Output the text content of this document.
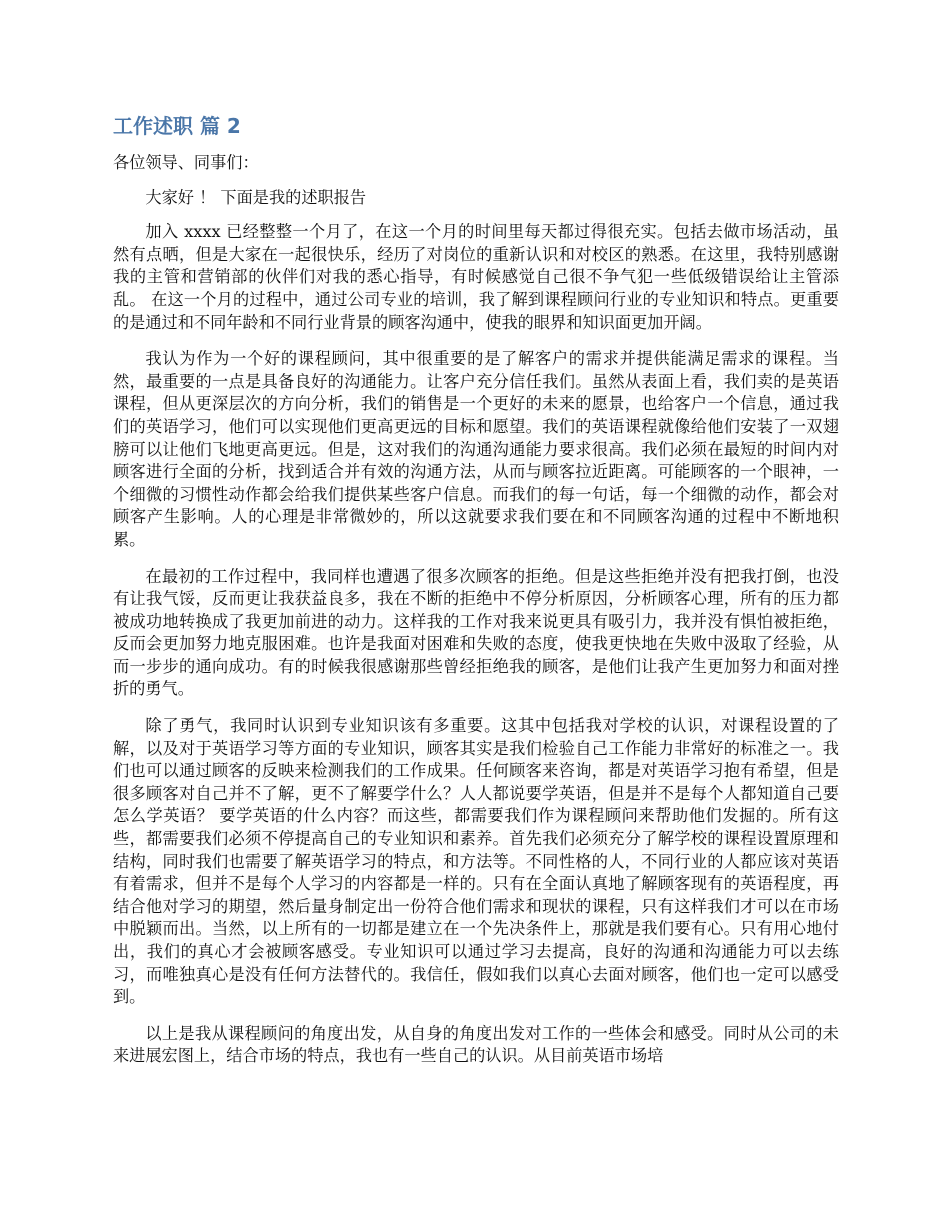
工作述职 篇 2

各位领导、同事们：

大家好 ！ 下面是我的述职报告

加入 xxxx 已经整整一个月了，在这一个月的时间里每天都过得很充实。包括去做市场活动，虽然有点晒，但是大家在一起很快乐，经历了对岗位的重新认识和对校区的熟悉。在这里，我特别感谢我的主管和营销部的伙伴们对我的悉心指导，有时候感觉自己很不争气犯一些低级错误给让主管添乱。 在这一个月的过程中，通过公司专业的培训，我了解到课程顾问行业的专业知识和特点。更重要的是通过和不同年龄和不同行业背景的顾客沟通中，使我的眼界和知识面更加开阔。

我认为作为一个好的课程顾问，其中很重要的是了解客户的需求并提供能满足需求的课程。当然，最重要的一点是具备良好的沟通能力。让客户充分信任我们。虽然从表面上看，我们卖的是英语课程，但从更深层次的方向分析，我们的销售是一个更好的未来的愿景，也给客户一个信息，通过我们的英语学习，他们可以实现他们更高更远的目标和愿望。我们的英语课程就像给他们安装了一双翅膀可以让他们飞地更高更远。但是，这对我们的沟通沟通能力要求很高。我们必须在最短的时间内对顾客进行全面的分析，找到适合并有效的沟通方法，从而与顾客拉近距离。可能顾客的一个眼神，一个细微的习惯性动作都会给我们提供某些客户信息。而我们的每一句话，每一个细微的动作，都会对顾客产生影响。人的心理是非常微妙的，所以这就要求我们要在和不同顾客沟通的过程中不断地积累。

在最初的工作过程中，我同样也遭遇了很多次顾客的拒绝。但是这些拒绝并没有把我打倒，也没有让我气馁，反而更让我获益良多，我在不断的拒绝中不停分析原因，分析顾客心理，所有的压力都被成功地转换成了我更加前进的动力。这样我的工作对我来说更具有吸引力，我并没有惧怕被拒绝，反而会更加努力地克服困难。也许是我面对困难和失败的态度，使我更快地在失败中汲取了经验，从而一步步的通向成功。有的时候我很感谢那些曾经拒绝我的顾客，是他们让我产生更加努力和面对挫折的勇气。

除了勇气，我同时认识到专业知识该有多重要。这其中包括我对学校的认识，对课程设置的了解，以及对于英语学习等方面的专业知识，顾客其实是我们检验自己工作能力非常好的标准之一。我们也可以通过顾客的反映来检测我们的工作成果。任何顾客来咨询，都是对英语学习抱有希望，但是很多顾客对自己并不了解，更不了解要学什么？人人都说要学英语，但是并不是每个人都知道自己要怎么学英语？ 要学英语的什么内容？而这些，都需要我们作为课程顾问来帮助他们发掘的。所有这些，都需要我们必须不停提高自己的专业知识和素养。首先我们必须充分了解学校的课程设置原理和结构，同时我们也需要了解英语学习的特点，和方法等。不同性格的人，不同行业的人都应该对英语有着需求，但并不是每个人学习的内容都是一样的。只有在全面认真地了解顾客现有的英语程度，再结合他对学习的期望，然后量身制定出一份符合他们需求和现状的课程，只有这样我们才可以在市场中脱颖而出。当然，以上所有的一切都是建立在一个先决条件上，那就是我们要有心。只有用心地付出，我们的真心才会被顾客感受。专业知识可以通过学习去提高，良好的沟通和沟通能力可以去练习，而唯独真心是没有任何方法替代的。我信任，假如我们以真心去面对顾客，他们也一定可以感受到。

以上是我从课程顾问的角度出发，从自身的角度出发对工作的一些体会和感受。同时从公司的未来进展宏图上，结合市场的特点，我也有一些自己的认识。从目前英语市场培
